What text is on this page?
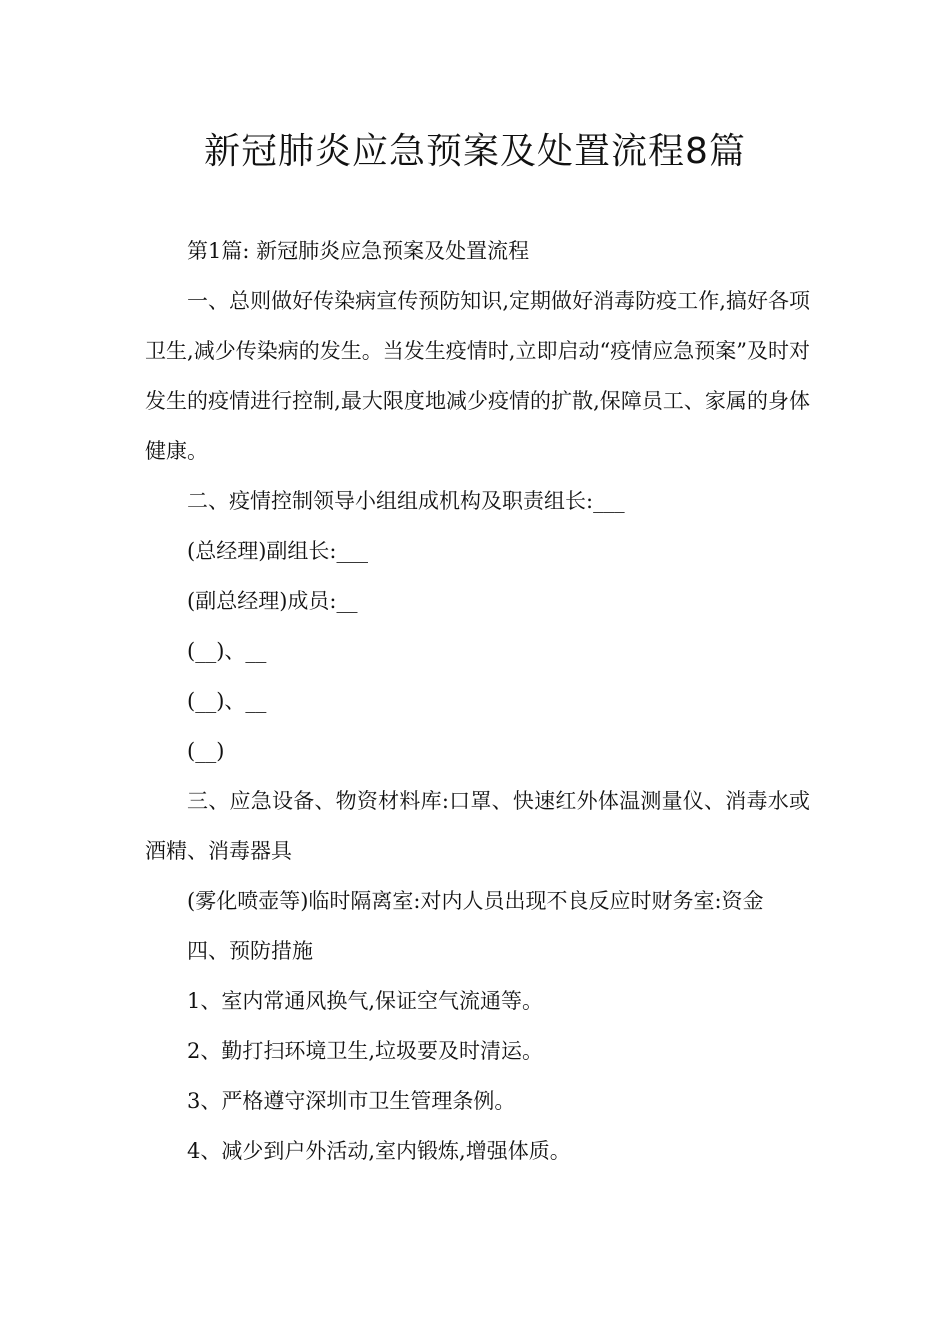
新冠肺炎应急预案及处置流程8篇

第1篇: 新冠肺炎应急预案及处置流程

一、总则做好传染病宣传预防知识,定期做好消毒防疫工作,搞好各项卫生,减少传染病的发生。当发生疫情时,立即启动“疫情应急预案”及时对发生的疫情进行控制,最大限度地减少疫情的扩散,保障员工、家属的身体健康。

二、疫情控制领导小组组成机构及职责组长:___

(总经理)副组长:___

(副总经理)成员:__

(__)、__

(__)、__

(__)

三、应急设备、物资材料库:口罩、快速红外体温测量仪、消毒水或酒精、消毒器具

(雾化喷壶等)临时隔离室:对内人员出现不良反应时财务室:资金

四、预防措施

1、室内常通风换气,保证空气流通等。

2、勤打扫环境卫生,垃圾要及时清运。

3、严格遵守深圳市卫生管理条例。

4、减少到户外活动,室内锻炼,增强体质。
